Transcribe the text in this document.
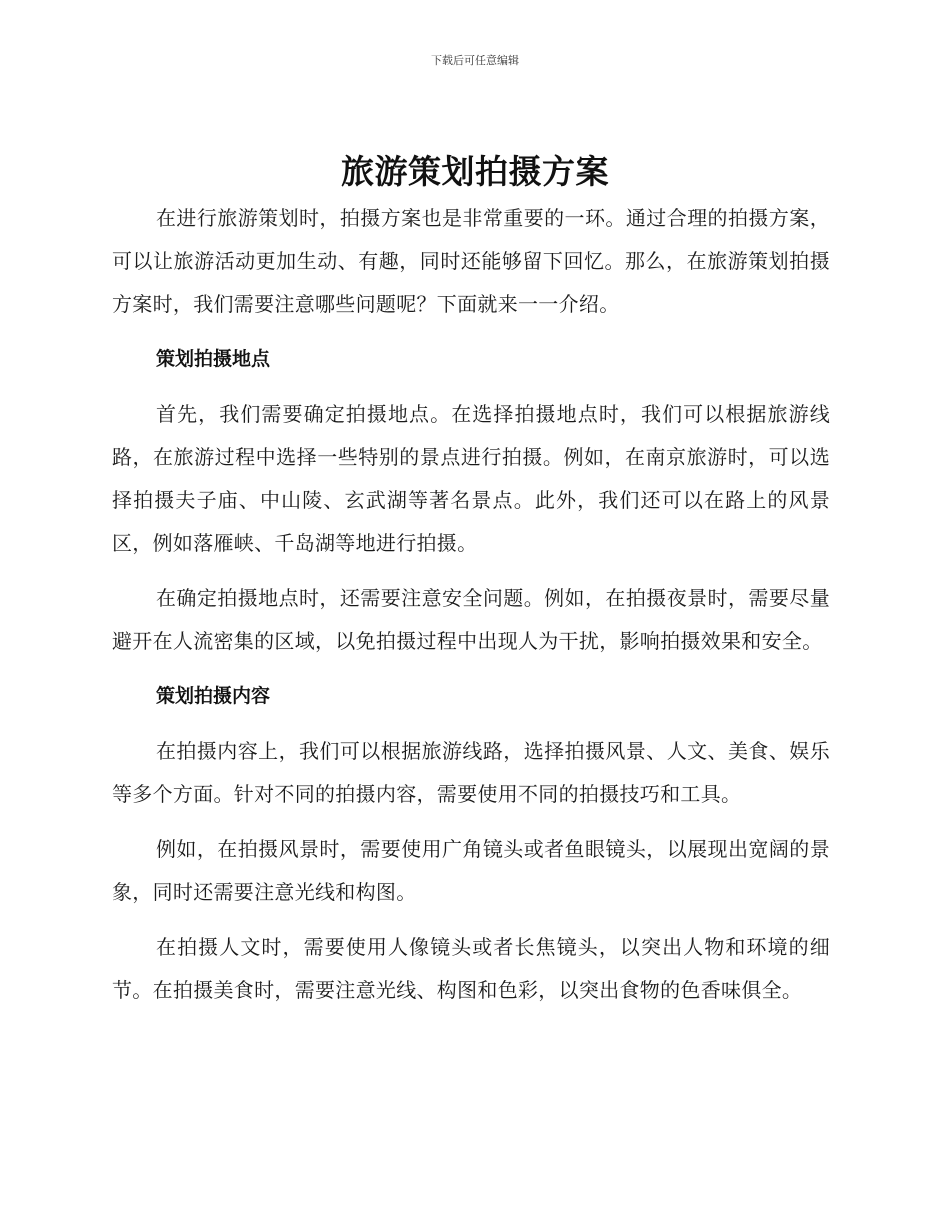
下载后可任意编辑
旅游策划拍摄方案

在进行旅游策划时，拍摄方案也是非常重要的一环。通过合理的拍摄方案，可以让旅游活动更加生动、有趣，同时还能够留下回忆。那么，在旅游策划拍摄方案时，我们需要注意哪些问题呢？下面就来一一介绍。

策划拍摄地点

首先，我们需要确定拍摄地点。在选择拍摄地点时，我们可以根据旅游线路，在旅游过程中选择一些特别的景点进行拍摄。例如，在南京旅游时，可以选择拍摄夫子庙、中山陵、玄武湖等著名景点。此外，我们还可以在路上的风景区，例如落雁峡、千岛湖等地进行拍摄。

在确定拍摄地点时，还需要注意安全问题。例如，在拍摄夜景时，需要尽量避开在人流密集的区域，以免拍摄过程中出现人为干扰，影响拍摄效果和安全。

策划拍摄内容

在拍摄内容上，我们可以根据旅游线路，选择拍摄风景、人文、美食、娱乐等多个方面。针对不同的拍摄内容，需要使用不同的拍摄技巧和工具。

例如，在拍摄风景时，需要使用广角镜头或者鱼眼镜头，以展现出宽阔的景象，同时还需要注意光线和构图。

在拍摄人文时，需要使用人像镜头或者长焦镜头，以突出人物和环境的细节。在拍摄美食时，需要注意光线、构图和色彩，以突出食物的色香味俱全。
